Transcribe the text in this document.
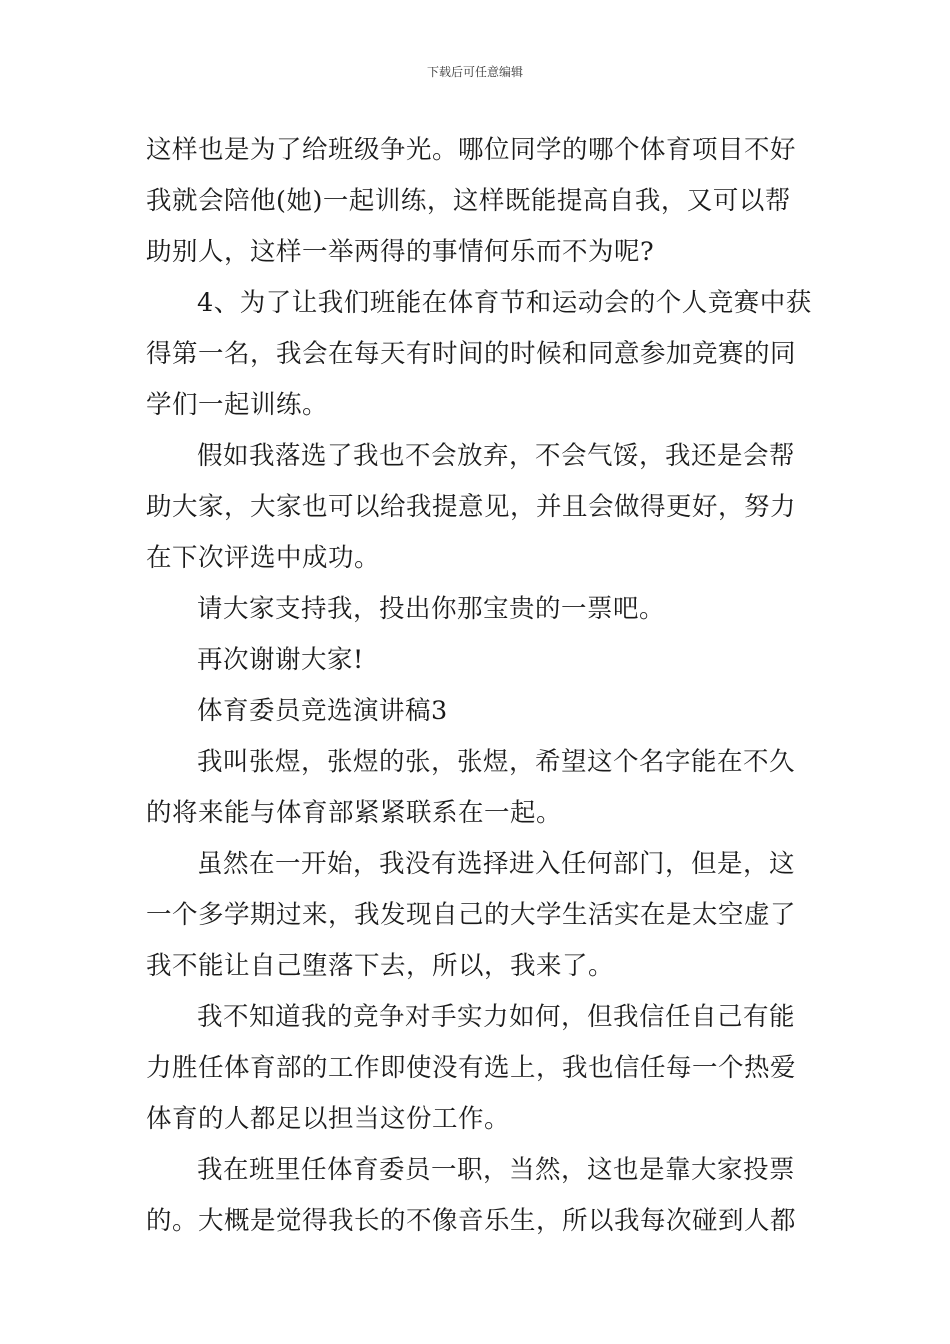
下载后可任意编辑
这样也是为了给班级争光。哪位同学的哪个体育项目不好
我就会陪他(她)一起训练，这样既能提高自我，又可以帮
助别人，这样一举两得的事情何乐而不为呢?
4、为了让我们班能在体育节和运动会的个人竞赛中获
得第一名，我会在每天有时间的时候和同意参加竞赛的同
学们一起训练。
假如我落选了我也不会放弃，不会气馁，我还是会帮
助大家，大家也可以给我提意见，并且会做得更好，努力
在下次评选中成功。
请大家支持我，投出你那宝贵的一票吧。
再次谢谢大家!
体育委员竞选演讲稿3
我叫张煜，张煜的张，张煜，希望这个名字能在不久
的将来能与体育部紧紧联系在一起。
虽然在一开始，我没有选择进入任何部门，但是，这
一个多学期过来，我发现自己的大学生活实在是太空虚了
我不能让自己堕落下去，所以，我来了。
我不知道我的竞争对手实力如何，但我信任自己有能
力胜任体育部的工作即使没有选上，我也信任每一个热爱
体育的人都足以担当这份工作。
我在班里任体育委员一职，当然，这也是靠大家投票
的。大概是觉得我长的不像音乐生，所以我每次碰到人都
